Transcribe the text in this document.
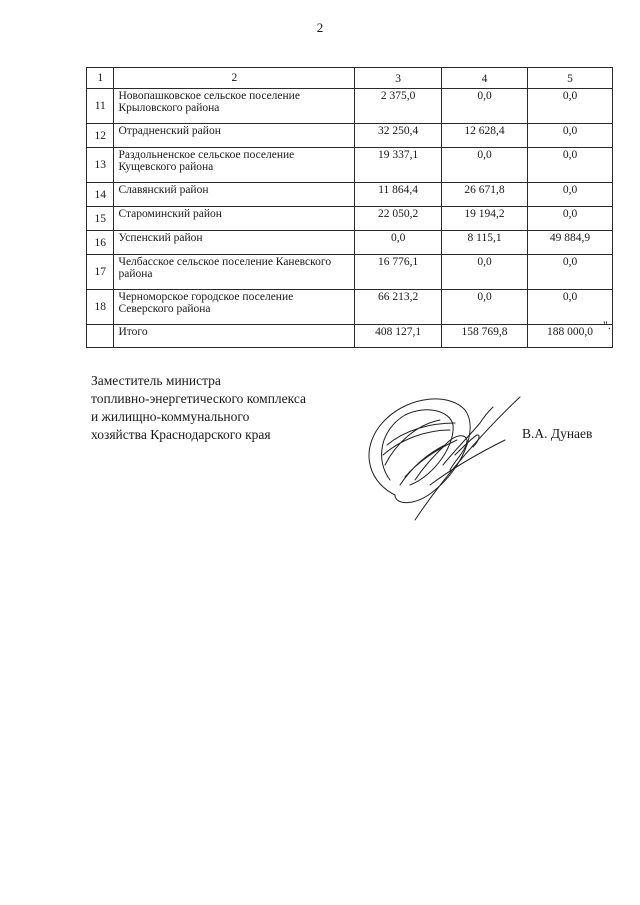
2
1	2	3	4	5
11	Новопашковское сельское поселение Крыловского района	2 375,0	0,0	0,0
12	Отрадненский район	32 250,4	12 628,4	0,0
13	Раздольненское сельское поселение Кущевского района	19 337,1	0,0	0,0
14	Славянский район	11 864,4	26 671,8	0,0
15	Староминский район	22 050,2	19 194,2	0,0
16	Успенский район	0,0	8 115,1	49 884,9
17	Челбасское сельское поселение Каневского района	16 776,1	0,0	0,0
18	Черноморское городское поселение Северского района	66 213,2	0,0	0,0
	Итого	408 127,1	158 769,8	188 000,0 ".
Заместитель министра
топливно-энергетического комплекса
и жилищно-коммунального
хозяйства Краснодарского края	В.А. Дунаев
